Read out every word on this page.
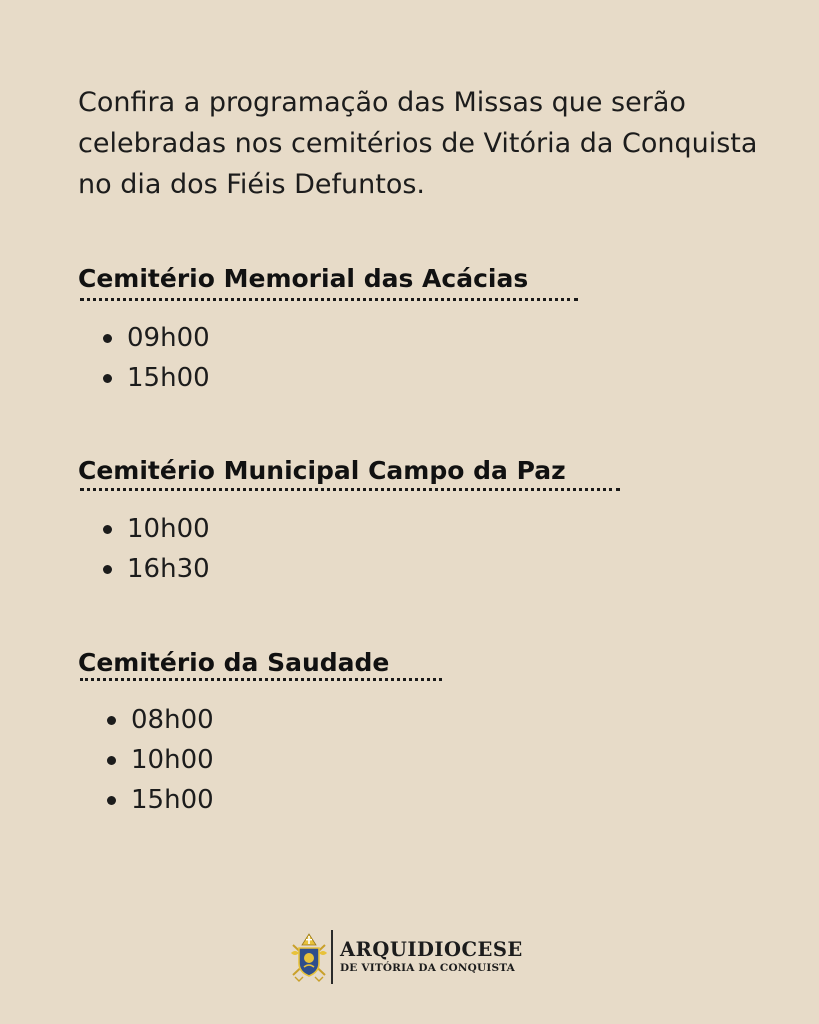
Confira a programação das Missas que serão celebradas nos cemitérios de Vitória da Conquista no dia dos Fiéis Defuntos.

Cemitério Memorial das Acácias
09h00
15h00
Cemitério Municipal Campo da Paz
10h00
16h30
Cemitério da Saudade
08h00
10h00
15h00
ARQUIDIOCESE
DE VITÓRIA DA CONQUISTA
